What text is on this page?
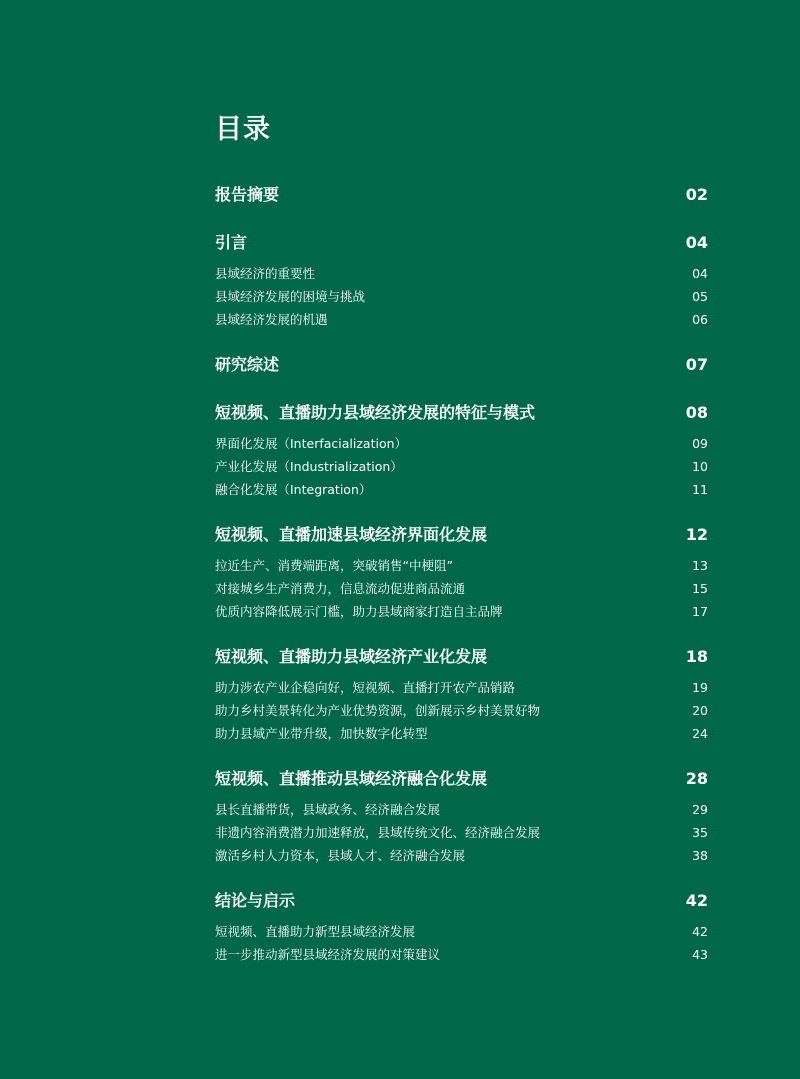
目录
报告摘要	02
引言	04
县域经济的重要性	04
县域经济发展的困境与挑战	05
县域经济发展的机遇	06
研究综述	07
短视频、直播助力县域经济发展的特征与模式	08
界面化发展（Interfacialization）	09
产业化发展（Industrialization）	10
融合化发展（Integration）	11
短视频、直播加速县域经济界面化发展	12
拉近生产、消费端距离，突破销售“中梗阻”	13
对接城乡生产消费力，信息流动促进商品流通	15
优质内容降低展示门槛，助力县域商家打造自主品牌	17
短视频、直播助力县域经济产业化发展	18
助力涉农产业企稳向好，短视频、直播打开农产品销路	19
助力乡村美景转化为产业优势资源，创新展示乡村美景好物	20
助力县域产业带升级，加快数字化转型	24
短视频、直播推动县域经济融合化发展	28
县长直播带货，县域政务、经济融合发展	29
非遗内容消费潜力加速释放，县域传统文化、经济融合发展	35
激活乡村人力资本，县域人才、经济融合发展	38
结论与启示	42
短视频、直播助力新型县域经济发展	42
进一步推动新型县域经济发展的对策建议	43
